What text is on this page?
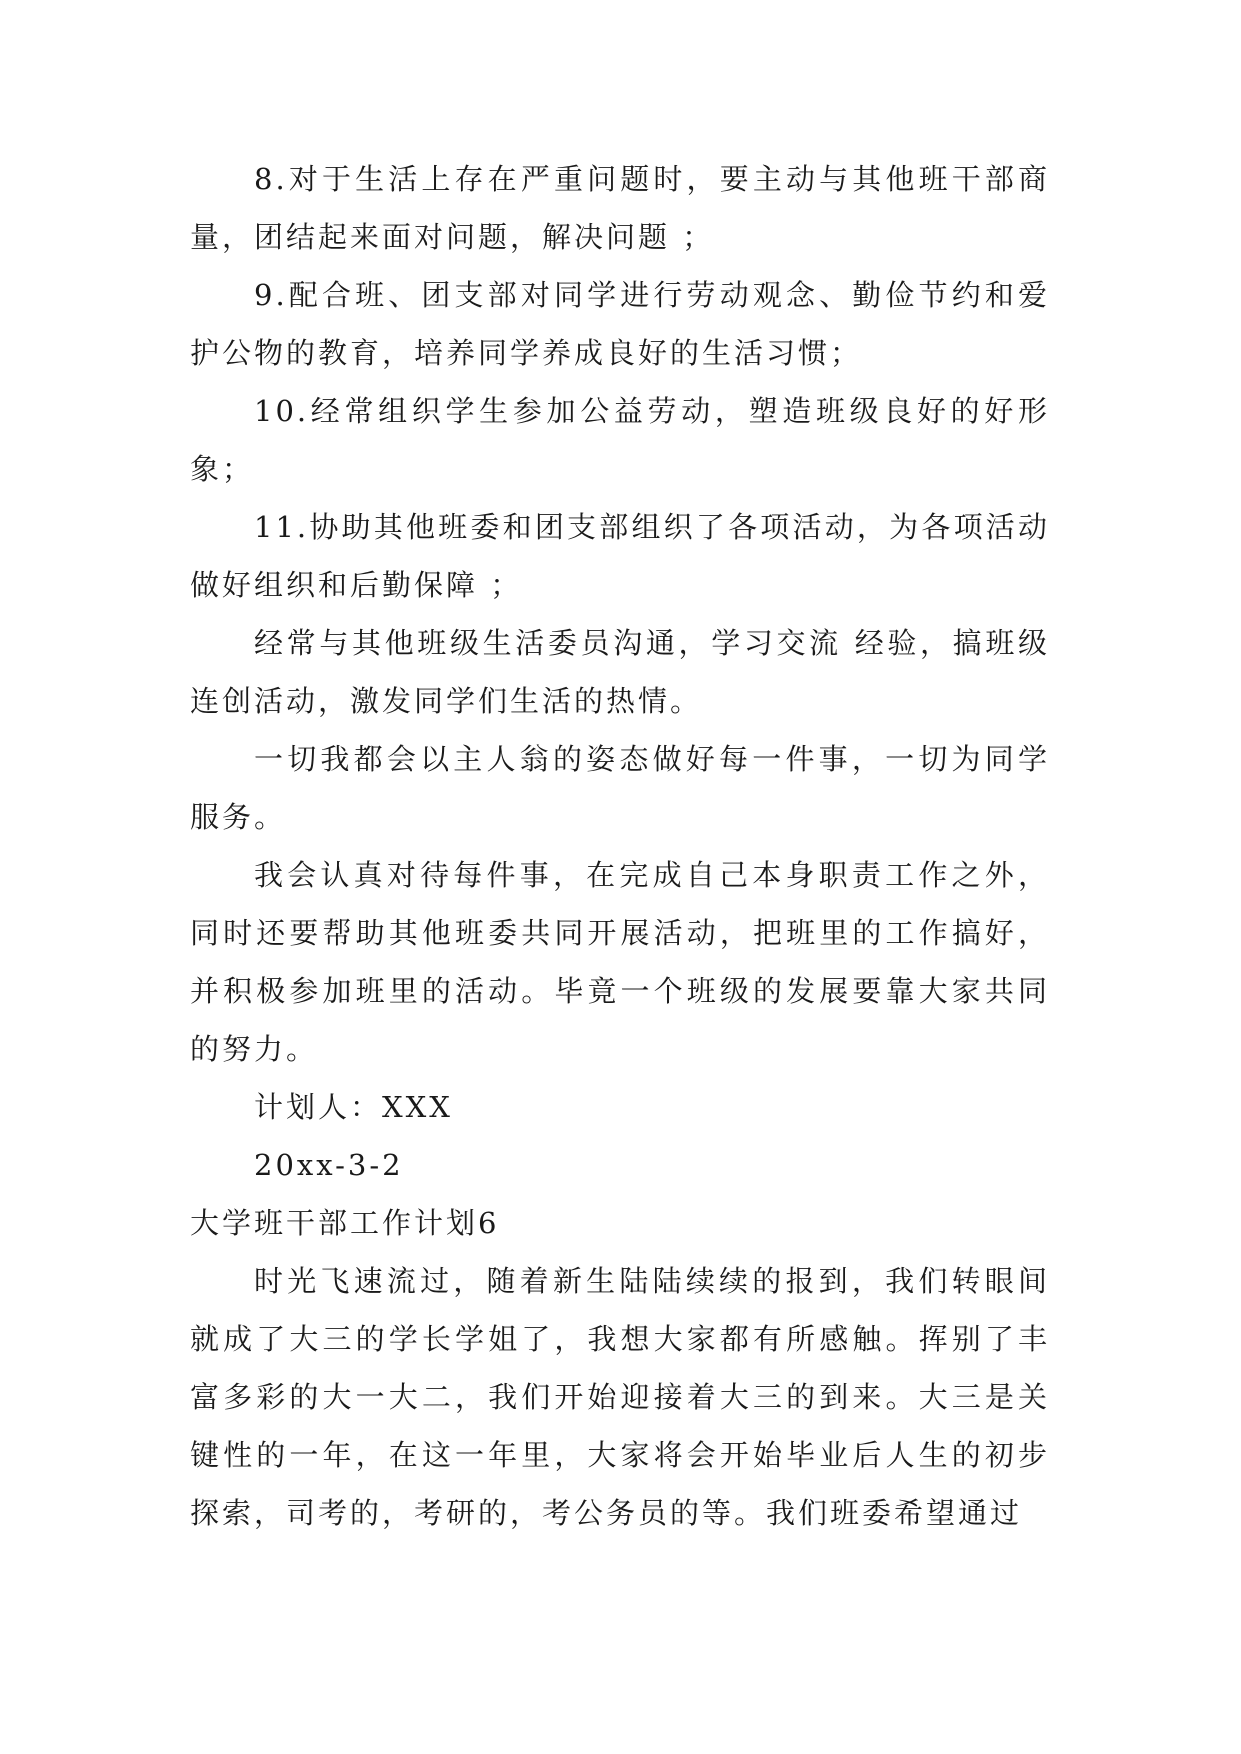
8.对于生活上存在严重问题时，要主动与其他班干部商量，团结起来面对问题，解决问题 ；

9.配合班、团支部对同学进行劳动观念、勤俭节约和爱护公物的教育，培养同学养成良好的生活习惯；

10.经常组织学生参加公益劳动，塑造班级良好的好形象；

11.协助其他班委和团支部组织了各项活动，为各项活动做好组织和后勤保障 ；

经常与其他班级生活委员沟通，学习交流 经验，搞班级连创活动，激发同学们生活的热情。

一切我都会以主人翁的姿态做好每一件事，一切为同学服务。

我会认真对待每件事，在完成自己本身职责工作之外，同时还要帮助其他班委共同开展活动，把班里的工作搞好，并积极参加班里的活动。毕竟一个班级的发展要靠大家共同的努力。

计划人：XXX

20xx-3-2

大学班干部工作计划6

时光飞速流过，随着新生陆陆续续的报到，我们转眼间就成了大三的学长学姐了，我想大家都有所感触。挥别了丰富多彩的大一大二，我们开始迎接着大三的到来。大三是关键性的一年，在这一年里，大家将会开始毕业后人生的初步探索，司考的，考研的，考公务员的等。我们班委希望通过
